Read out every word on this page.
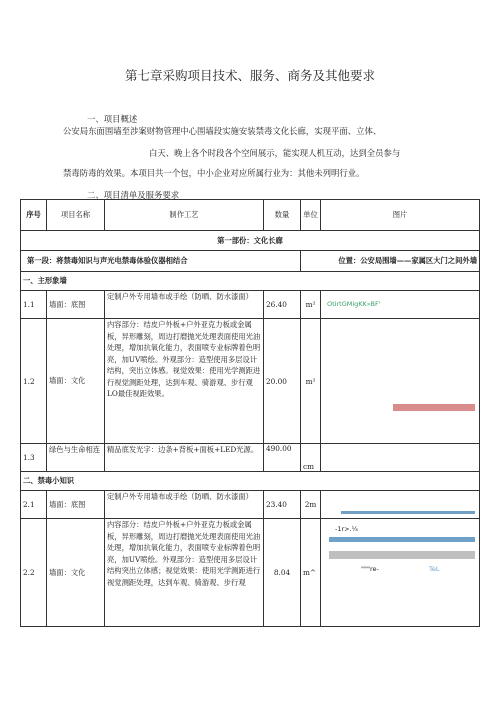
第七章采购项目技术、服务、商务及其他要求
一、项目概述
公安局东面围墙至涉案财物管理中心围墙段实施安装禁毒文化长廊，实现平面、立体、
白天、晚上各个时段各个空间展示，能实现人机互动，达到全员参与
禁毒防毒的效果。本项目共一个包，中小企业对应所属行业为：其他未列明行业。
二、项目清单及服务要求
序号	项目名称	制作工艺	数量	单位	图片
第一部份：文化长廊					
第一段：将禁毒知识与声光电禁毒体验仪器相结合				位置：公安局围墙——家属区大门之间外墙	
一、主形象墙					
1.1	墙面：底图	定制户外专用墙布或手绘（防晒、防水漆面）	26.40	m²	OtirtGMigKK»BF'

1.2	墙面：文化	内容部分：结皮户外板+户外亚克力板或金属板，异形雕刻，周边打磨抛光处理表面使用光油处理，增加抗氧化能力，表面喷专业标牌着色明亮，加UV喷绘。外观部分：造型使用多层设计结构，突出立体感。视觉效果：使用光学测距进行视觉测距处理，达到车观、骑游观、步行观LO最佳视距效果。	20.00	m²	

1.3	绿色与生命相连	精品底发光字：边条+背板+面板+LED光源。	490.00	cm	
二、禁毒小知识					
2.1	墙面：底图	定制户外专用墙布或手绘（防晒、防水漆面）	23.40	2m	

2.2	墙面：文化	内容部分：结皮户外板+户外亚克力板或金属板，异形雕刻，周边打磨抛光处理表面使用光油处理，增加抗氧化能力，表面喷专业标牌着色明亮，加UV喷绘。外观部分：造型使用多层设计结构突出立体感；视觉效果：使用光学测距进行视觉测距处理，达到车观、骑游观、步行观	8.04	m^	-1r>.¼
"""re- TeL
